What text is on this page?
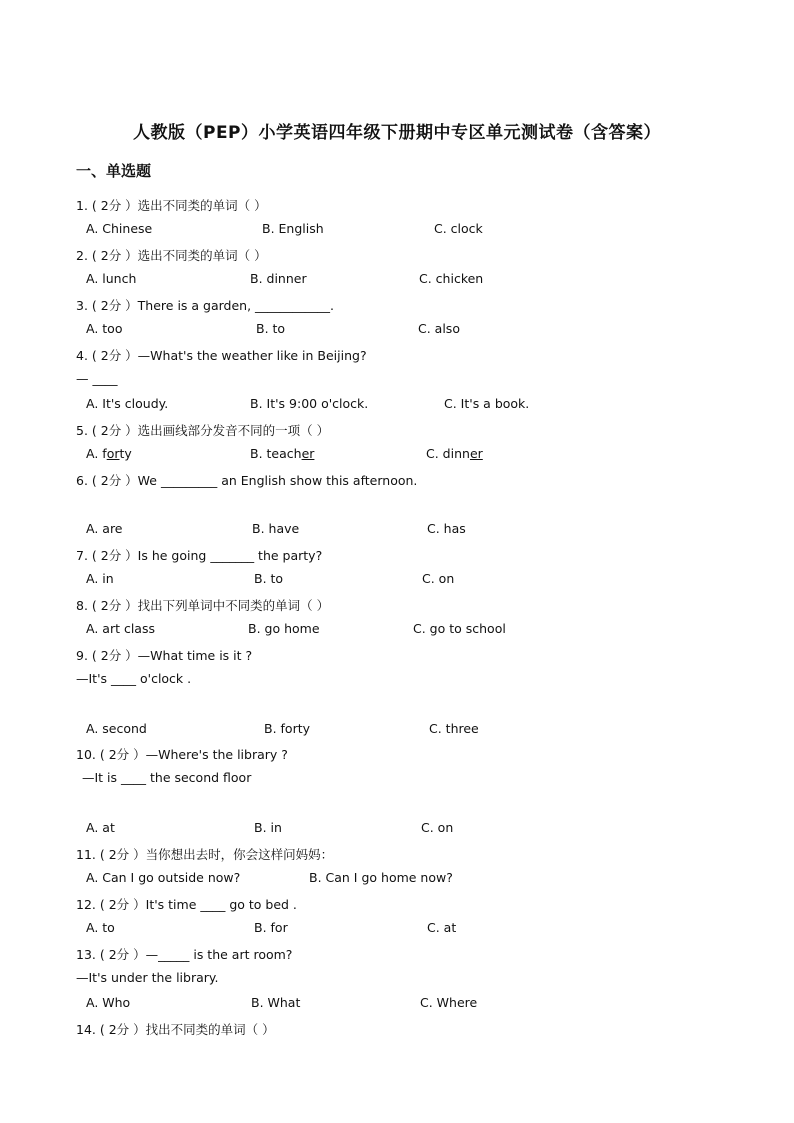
人教版（PEP）小学英语四年级下册期中专区单元测试卷（含答案）
一、单选题
1. ( 2分 ）选出不同类的单词（ ）
A. Chinese	B. English	C. clock
2. ( 2分 ）选出不同类的单词（ ）
A. lunch	B. dinner	C. chicken
3. ( 2分 ）There is a garden, ____________.
A. too	B. to	C. also
4. ( 2分 ）—What's the weather like in Beijing?
— ____
A. It's cloudy.	B. It's 9:00 o'clock.	C. It's a book.
5. ( 2分 ）选出画线部分发音不同的一项（ ）
A. forty	B. teacher	C. dinner
6. ( 2分 ）We _________ an English show this afternoon.
A. are	B. have	C. has
7. ( 2分 ）Is he going _______ the party?
A. in	B. to	C. on
8. ( 2分 ）找出下列单词中不同类的单词（ ）
A. art class	B. go home	C. go to school
9. ( 2分 ）—What time is it ?
—It's ____ o'clock .
A. second	B. forty	C. three
10. ( 2分 ）—Where's the library ?
—It is ____ the second floor
A. at	B. in	C. on
11. ( 2分 ）当你想出去时，你会这样问妈妈：
A. Can I go outside now?	B. Can I go home now?
12. ( 2分 ）It's time ____ go to bed .
A. to	B. for	C. at
13. ( 2分 ）—_____ is the art room?
—It's under the library.
A. Who	B. What	C. Where
14. ( 2分 ）找出不同类的单词（ ）
